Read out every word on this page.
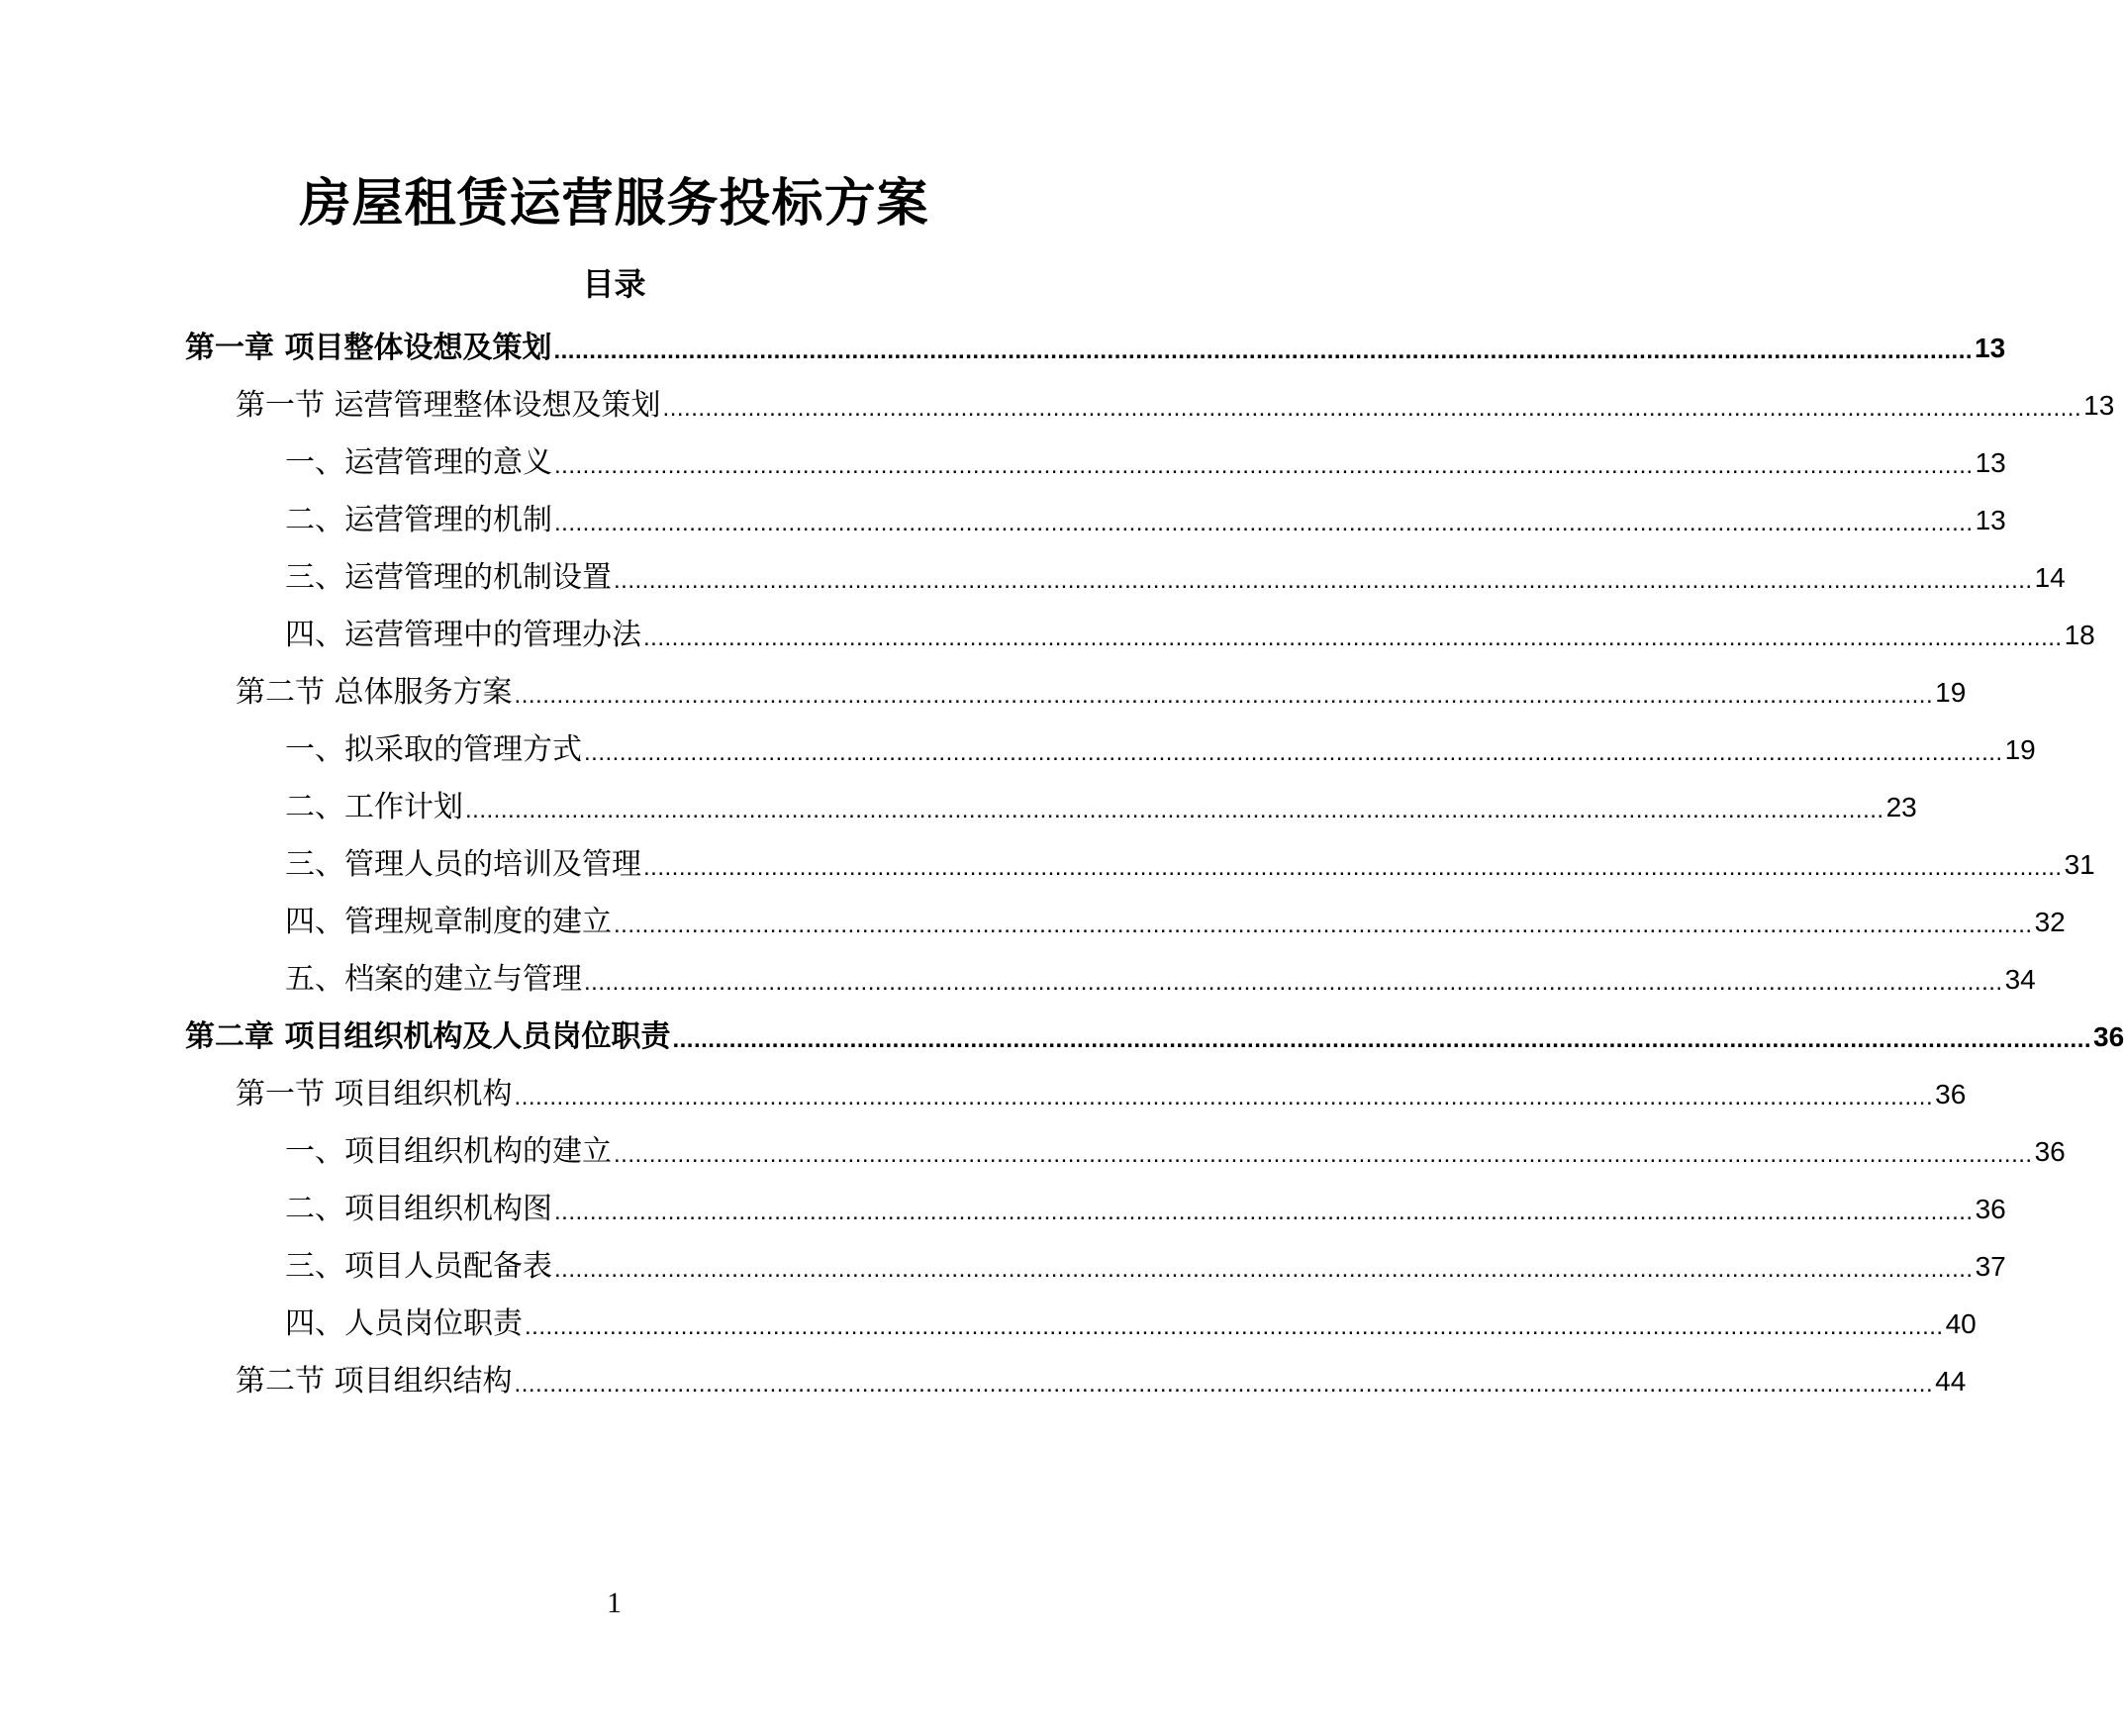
房屋租赁运营服务投标方案
目录
第一章 项目整体设想及策划 ........................................................................................................................................................................................................ 13
第一节 运营管理整体设想及策划 ........................................................................................................................................................................................................ 13
一、运营管理的意义 ........................................................................................................................................................................................................ 13
二、运营管理的机制 ........................................................................................................................................................................................................ 13
三、运营管理的机制设置 ........................................................................................................................................................................................................ 14
四、运营管理中的管理办法 ........................................................................................................................................................................................................ 18
第二节 总体服务方案 ........................................................................................................................................................................................................ 19
一、拟采取的管理方式 ........................................................................................................................................................................................................ 19
二、工作计划 ........................................................................................................................................................................................................ 23
三、管理人员的培训及管理 ........................................................................................................................................................................................................ 31
四、管理规章制度的建立 ........................................................................................................................................................................................................ 32
五、档案的建立与管理 ........................................................................................................................................................................................................ 34
第二章 项目组织机构及人员岗位职责 ........................................................................................................................................................................................................ 36
第一节 项目组织机构 ........................................................................................................................................................................................................ 36
一、项目组织机构的建立 ........................................................................................................................................................................................................ 36
二、项目组织机构图 ........................................................................................................................................................................................................ 36
三、项目人员配备表 ........................................................................................................................................................................................................ 37
四、人员岗位职责 ........................................................................................................................................................................................................ 40
第二节 项目组织结构 ........................................................................................................................................................................................................ 44
1
